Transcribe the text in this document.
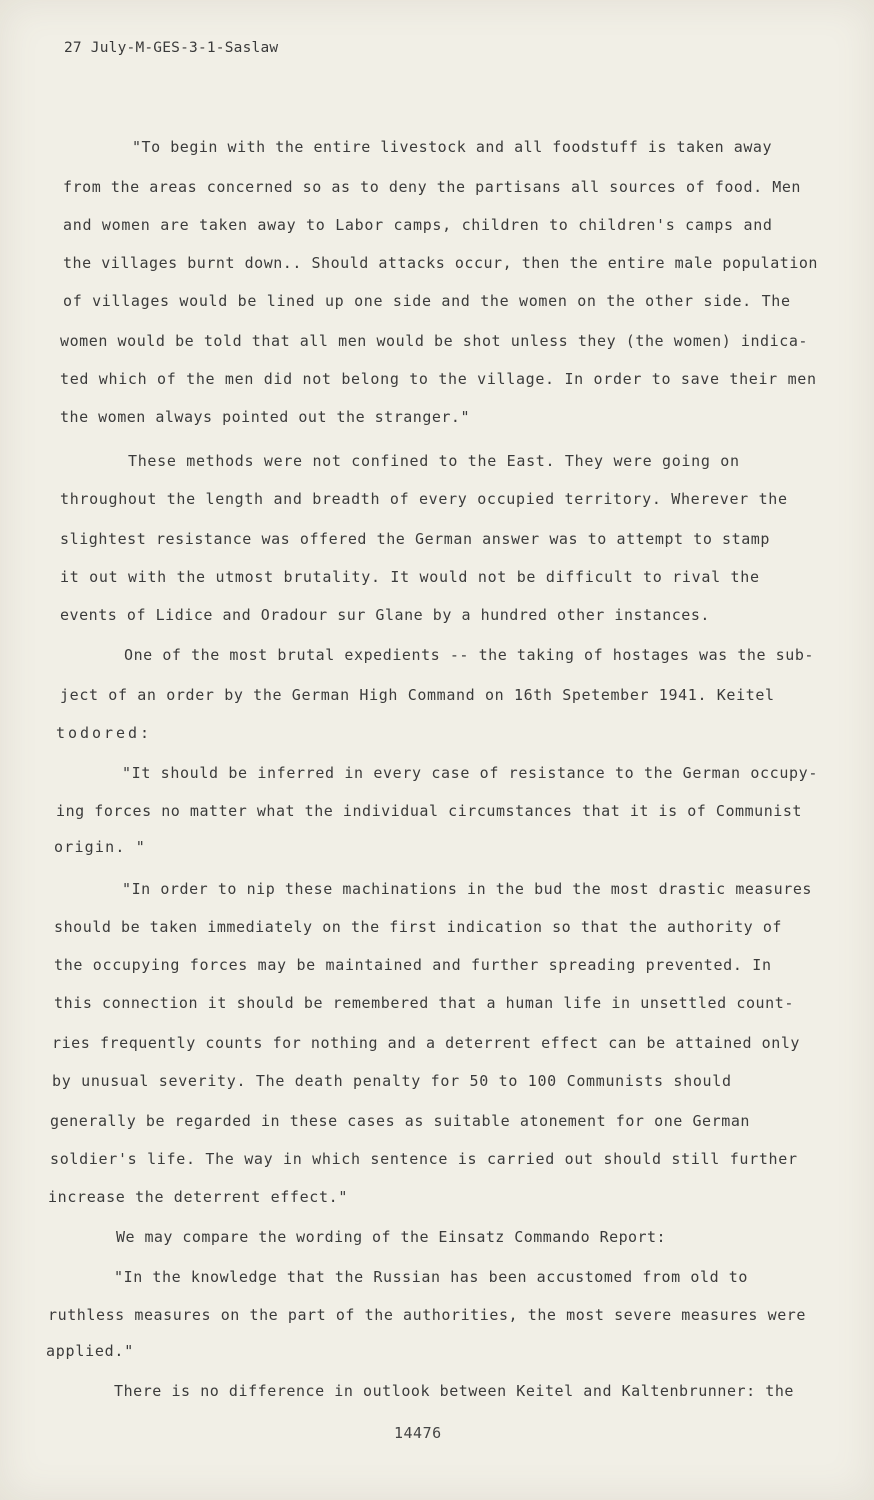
27 July-M-GES-3-1-Saslaw
"To begin with the entire livestock and all foodstuff is taken away
from the areas concerned so as to deny the partisans all sources of food. Men
and women are taken away to Labor camps, children to children's camps and
the villages burnt down.. Should attacks occur, then the entire male population
of villages would be lined up one side and the women on the other side. The
women would be told that all men would be shot unless they (the women) indica-
ted which of the men did not belong to the village. In order to save their men
the women always pointed out the stranger."
These methods were not confined to the East. They were going on
throughout the length and breadth of every occupied territory. Wherever the
slightest resistance was offered the German answer was to attempt to stamp
it out with the utmost brutality. It would not be difficult to rival the
events of Lidice and Oradour sur Glane by a hundred other instances.
One of the most brutal expedients -- the taking of hostages was the sub-
ject of an order by the German High Command on 16th Spetember 1941. Keitel
todored:
"It should be inferred in every case of resistance to the German occupy-
ing forces no matter what the individual circumstances that it is of Communist
origin. "
"In order to nip these machinations in the bud the most drastic measures
should be taken immediately on the first indication so that the authority of
the occupying forces may be maintained and further spreading prevented. In
this connection it should be remembered that a human life in unsettled count-
ries frequently counts for nothing and a deterrent effect can be attained only
by unusual severity. The death penalty for 50 to 100 Communists should
generally be regarded in these cases as suitable atonement for one German
soldier's life. The way in which sentence is carried out should still further
increase the deterrent effect."
We may compare the wording of the Einsatz Commando Report:
"In the knowledge that the Russian has been accustomed from old to
ruthless measures on the part of the authorities, the most severe measures were
applied."
There is no difference in outlook between Keitel and Kaltenbrunner: the
14476
